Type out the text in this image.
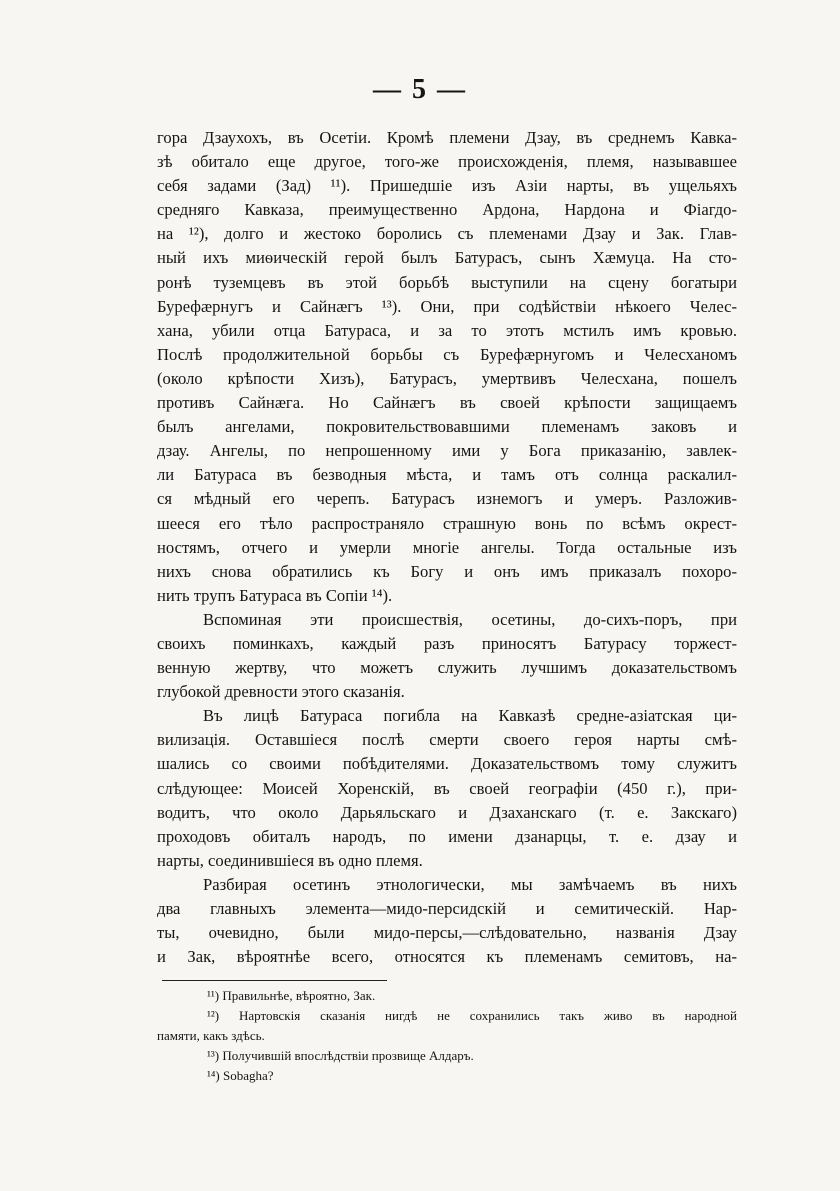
— 5 —
гора Дзаухохъ, въ Осетіи. Кромѣ племени Дзау, въ среднемъ Кавка-
зѣ обитало еще другое, того-же происхожденія, племя, называвшее
себя задами (Зад) ¹¹). Пришедшіе изъ Азіи нарты, въ ущельяхъ
средняго Кавказа, преимущественно Ардона, Нардона и Фіагдо-
на ¹²), долго и жестоко боролись съ племенами Дзау и Зак. Глав-
ный ихъ миѳическій герой былъ Батурасъ, сынъ Хæмуца. На сто-
ронѣ туземцевъ въ этой борьбѣ выступили на сцену богатыри
Бурефæрнугъ и Сайнæгъ ¹³). Они, при содѣйствіи нѣкоего Челес-
хана, убили отца Батураса, и за то этотъ мстилъ имъ кровью.
Послѣ продолжительной борьбы съ Бурефæрнугомъ и Челесханомъ
(около крѣпости Хизъ), Батурасъ, умертвивъ Челесхана, пошелъ
противъ Сайнæга. Но Сайнæгъ въ своей крѣпости защищаемъ
былъ ангелами, покровительствовавшими племенамъ заковъ и
дзау. Ангелы, по непрошенному ими у Бога приказанію, завлек-
ли Батураса въ безводныя мѣста, и тамъ отъ солнца раскалил-
ся мѣдный его черепъ. Батурасъ изнемогъ и умеръ. Разложив-
шееся его тѣло распространяло страшную вонь по всѣмъ окрест-
ностямъ, отчего и умерли многіе ангелы. Тогда остальные изъ
нихъ снова обратились къ Богу и онъ имъ приказалъ похоро-
нить трупъ Батураса въ Сопіи ¹⁴).
Вспоминая эти происшествія, осетины, до-сихъ-поръ, при
своихъ поминкахъ, каждый разъ приносятъ Батурасу торжест-
венную жертву, что можетъ служить лучшимъ доказательствомъ
глубокой древности этого сказанія.
Въ лицѣ Батураса погибла на Кавказѣ средне-азіатская ци-
вилизація. Оставшіеся послѣ смерти своего героя нарты смѣ-
шались со своими побѣдителями. Доказательствомъ тому служитъ
слѣдующее: Моисей Хоренскій, въ своей географіи (450 г.), при-
водитъ, что около Дарьяльскаго и Дзаханскаго (т. е. Закскаго)
проходовъ обиталъ народъ, по имени дзанарцы, т. е. дзау и
нарты, соединившіеся въ одно племя.
Разбирая осетинъ этнологически, мы замѣчаемъ въ нихъ
два главныхъ элемента—мидо-персидскій и семитическій. Нар-
ты, очевидно, были мидо-персы,—слѣдовательно, названія Дзау
и Зак, вѣроятнѣе всего, относятся къ племенамъ семитовъ, на-
¹¹) Правильнѣе, вѣроятно, Зак.
¹²) Нартовскія сказанія нигдѣ не сохранились такъ живо въ народной
памяти, какъ здѣсь.
¹³) Получившій впослѣдствіи прозвище Алдаръ.
¹⁴) Sobagha?
